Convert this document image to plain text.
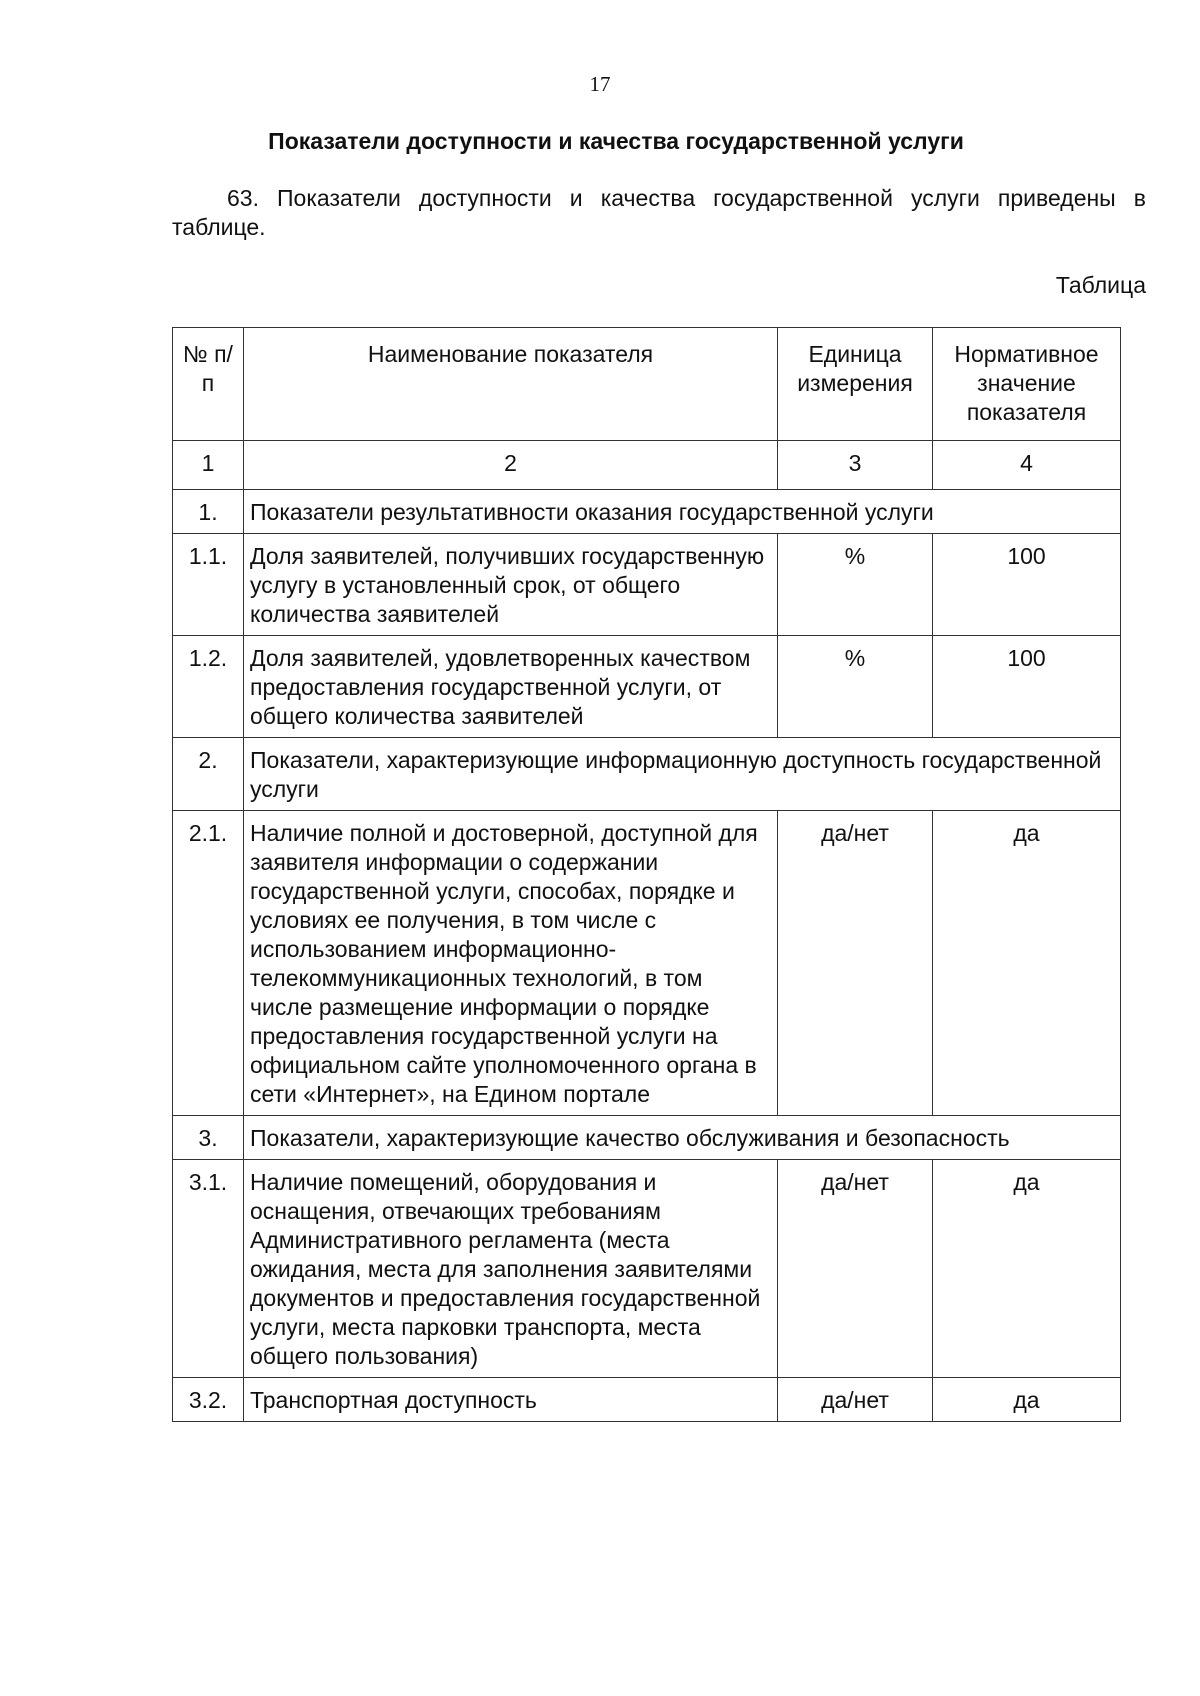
17
Показатели доступности и качества государственной услуги

63. Показатели доступности и качества государственной услуги приведены в таблице.

Таблица
№ п/п	Наименование показателя	Единица измерения	Нормативное значение показателя
1	2	3	4
1.	Показатели результативности оказания государственной услуги		
1.1.	Доля заявителей, получивших государственную услугу в установленный срок, от общего количества заявителей	%	100
1.2.	Доля заявителей, удовлетворенных качеством предоставления государственной услуги, от общего количества заявителей	%	100
2.	Показатели, характеризующие информационную доступность государственной услуги		
2.1.	Наличие полной и достоверной, доступной для заявителя информации о содержании государственной услуги, способах, порядке и условиях ее получения, в том числе с использованием информационно-телекоммуникационных технологий, в том числе размещение информации о порядке предоставления государственной услуги на официальном сайте уполномоченного органа в сети «Интернет», на Едином портале	да/нет	да
3.	Показатели, характеризующие качество обслуживания и безопасность		
3.1.	Наличие помещений, оборудования и оснащения, отвечающих требованиям Административного регламента (места ожидания, места для заполнения заявителями документов и предоставления государственной услуги, места парковки транспорта, места общего пользования)	да/нет	да
3.2.	Транспортная доступность	да/нет	да
